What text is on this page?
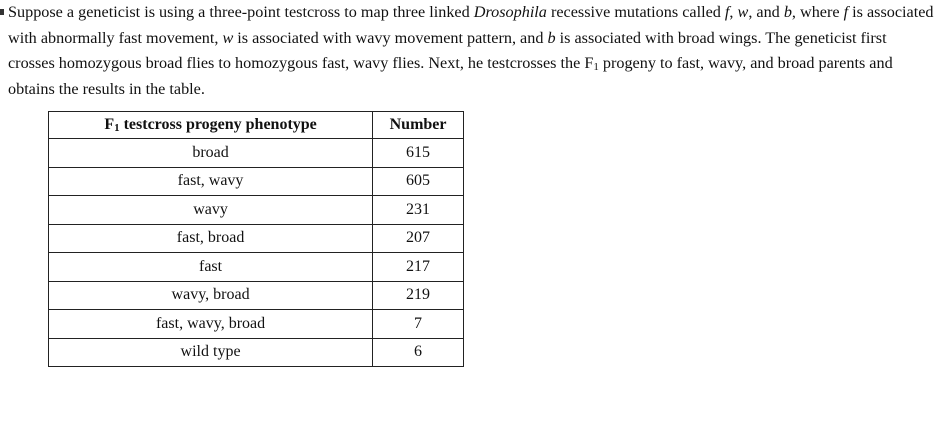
Suppose a geneticist is using a three-point testcross to map three linked Drosophila recessive mutations called f, w, and b, where f is associated with abnormally fast movement, w is associated with wavy movement pattern, and b is associated with broad wings. The geneticist first crosses homozygous broad flies to homozygous fast, wavy flies. Next, he testcrosses the $F_1$ progeny to fast, wavy, and broad parents and obtains the results in the table.

$F_1$ testcross progeny phenotype	Number
broad	615
fast, wavy	605
wavy	231
fast, broad	207
fast	217
wavy, broad	219
fast, wavy, broad	7
wild type	6
